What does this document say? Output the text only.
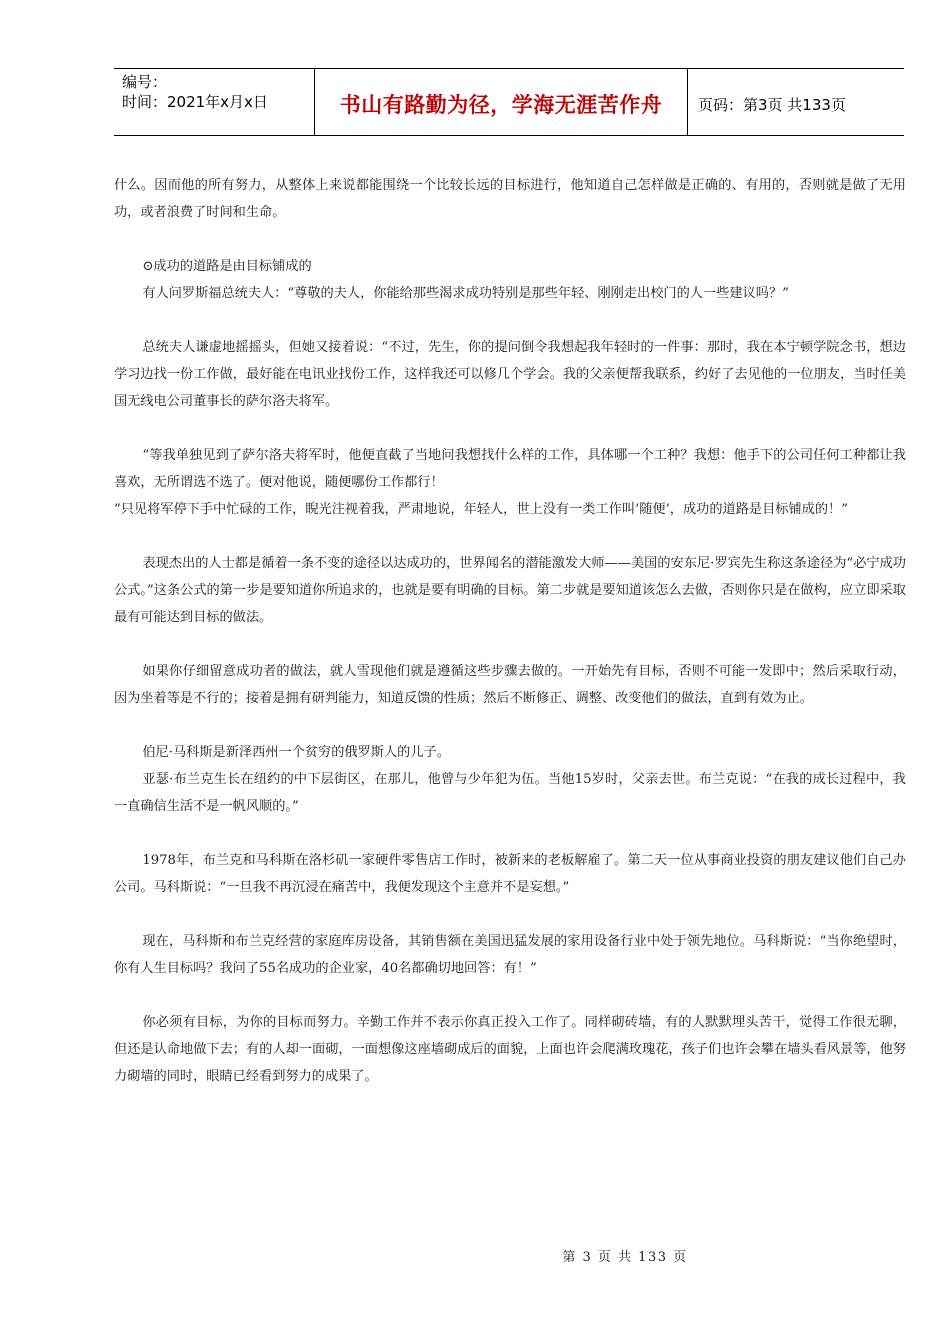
编号：
时间：2021年x月x日	书山有路勤为径，学海无涯苦作舟	页码：第3页 共133页

什么。因而他的所有努力，从整体上来说都能围绕一个比较长远的目标进行，他知道自己怎样做是正确的、有用的，否则就是做了无用功，或者浪费了时间和生命。

⊙成功的道路是由目标铺成的

有人问罗斯福总统夫人：“尊敬的夫人，你能给那些渴求成功特别是那些年轻、刚刚走出校门的人一些建议吗？”

总统夫人谦虚地摇摇头，但她又接着说：“不过，先生，你的提问倒令我想起我年轻时的一件事：那时，我在本宁顿学院念书，想边学习边找一份工作做，最好能在电讯业找份工作，这样我还可以修几个学会。我的父亲便帮我联系，约好了去见他的一位朋友，当时任美国无线电公司董事长的萨尔洛夫将军。

“等我单独见到了萨尔洛夫将军时，他便直截了当地问我想找什么样的工作，具体哪一个工种？我想：他手下的公司任何工种都让我喜欢，无所谓选不选了。便对他说，随便哪份工作都行！

“只见将军停下手中忙碌的工作，睨光注视着我，严肃地说，年轻人，世上没有一类工作叫‘随便’，成功的道路是目标铺成的！”

表现杰出的人士都是循着一条不变的途径以达成功的，世界闻名的潜能激发大师——美国的安东尼·罗宾先生称这条途径为“必宁成功公式。”这条公式的第一步是要知道你所追求的，也就是要有明确的目标。第二步就是要知道该怎么去做，否则你只是在做构，应立即采取最有可能达到目标的做法。

如果你仔细留意成功者的做法，就人雪现他们就是遵循这些步骤去做的。一开始先有目标，否则不可能一发即中；然后采取行动，因为坐着等是不行的；接着是拥有研判能力，知道反馈的性质；然后不断修正、调整、改变他们的做法，直到有效为止。

伯尼·马科斯是新泽西州一个贫穷的俄罗斯人的儿子。

亚瑟·布兰克生长在纽约的中下层街区，在那儿，他曾与少年犯为伍。当他15岁时，父亲去世。布兰克说：“在我的成长过程中，我一直确信生活不是一帆风顺的。”

1978年，布兰克和马科斯在洛杉矶一家硬件零售店工作时，被新来的老板解雇了。第二天一位从事商业投资的朋友建议他们自己办公司。马科斯说：“一旦我不再沉浸在痛苦中，我便发现这个主意并不是妄想。”

现在，马科斯和布兰克经营的家庭库房设备，其销售额在美国迅猛发展的家用设备行业中处于领先地位。马科斯说：“当你绝望时，你有人生目标吗？我问了55名成功的企业家，40名都确切地回答：有！”

你必须有目标，为你的目标而努力。辛勤工作并不表示你真正投入工作了。同样砌砖墙，有的人默默埋头苦干，觉得工作很无聊，但还是认命地做下去；有的人却一面砌，一面想像这座墙砌成后的面貌，上面也许会爬满玫瑰花，孩子们也许会攀在墙头看风景等，他努力砌墙的同时，眼睛已经看到努力的成果了。

第 3 页 共 133 页
